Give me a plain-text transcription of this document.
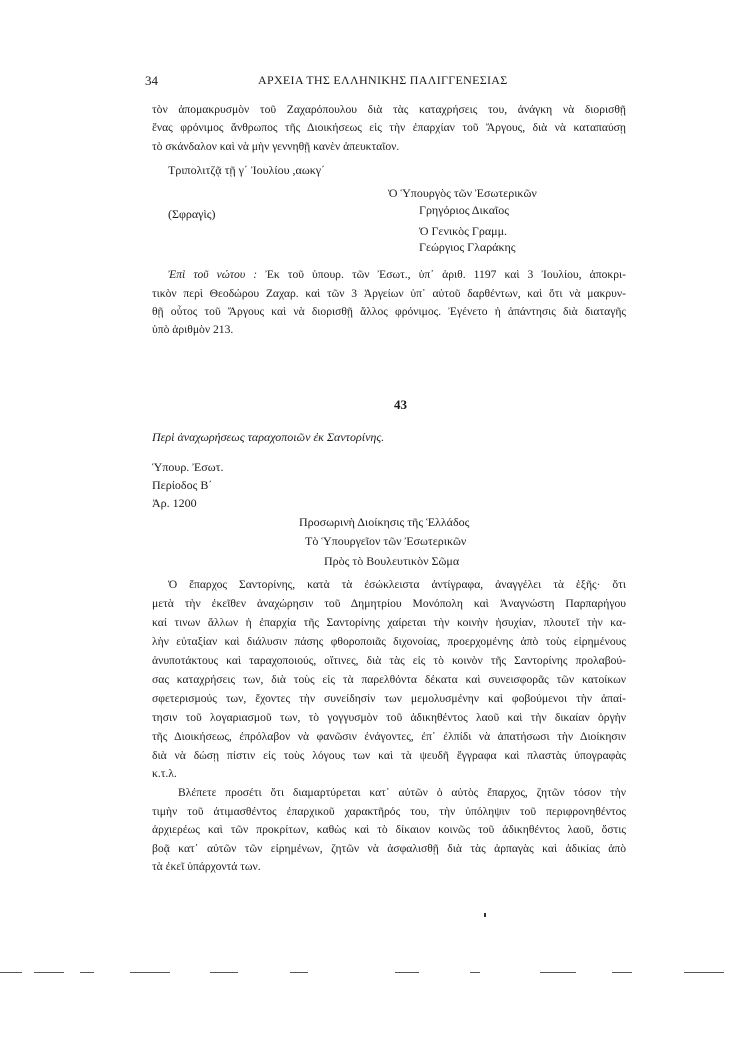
34	ΑΡΧΕΙΑ ΤΗΣ ΕΛΛΗΝΙΚΗΣ ΠΑΛΙΓΓΕΝΕΣΙΑΣ
τὸν ἀπομακρυσμὸν τοῦ Ζαχαρόπουλου διὰ τὰς καταχρήσεις του, ἀνάγκη νὰ διορισθῇ
ἕνας φρόνιμος ἄνθρωπος τῆς Διοικήσεως εἰς τὴν ἐπαρχίαν τοῦ Ἄργους, διὰ νὰ καταπαύσῃ
τὸ σκάνδαλον καὶ νὰ μὴν γεννηθῇ κανὲν ἀπευκταῖον.
Τριπολιτζᾷ τῇ γ΄ Ἰουλίου ,αωκγ΄
(Σφραγὶς)
Ὁ Ὑπουργὸς τῶν Ἐσωτερικῶν
Γρηγόριος Δικαῖος
Ὁ Γενικὸς Γραμμ.
Γεώργιος Γλαράκης
Ἐπὶ τοῦ νώτου : Ἐκ τοῦ ὑπουρ. τῶν Ἐσωτ., ὑπ᾽ ἀριθ. 1197 καὶ 3 Ἰουλίου, ἀποκρι-
τικὸν περὶ Θεοδώρου Ζαχαρ. καὶ τῶν 3 Ἀργείων ὑπ᾽ αὐτοῦ δαρθέντων, καὶ ὅτι νὰ μακρυν-
θῇ οὗτος τοῦ Ἄργους καὶ νὰ διορισθῇ ἄλλος φρόνιμος. Ἐγένετο ἡ ἀπάντησις διὰ διαταγῆς
ὑπὸ ἀριθμὸν 213.
43
Περὶ ἀναχωρήσεως ταραχοποιῶν ἐκ Σαντορίνης.
Ὑπουρ. Ἐσωτ.
Περίοδος Β΄
Ἀρ. 1200
Προσωρινὴ Διοίκησις τῆς Ἑλλάδος
Τὸ Ὑπουργεῖον τῶν Ἐσωτερικῶν
Πρὸς τὸ Βουλευτικὸν Σῶμα
Ὁ ἔπαρχος Σαντορίνης, κατὰ τὰ ἐσώκλειστα ἀντίγραφα, ἀναγγέλει τὰ ἑξῆς· ὅτι
μετὰ τὴν ἐκεῖθεν ἀναχώρησιν τοῦ Δημητρίου Μονόπολη καὶ Ἀναγνώστη Παρπαρήγου
καί τινων ἄλλων ἡ ἐπαρχία τῆς Σαντορίνης χαίρεται τὴν κοινὴν ἡσυχίαν, πλουτεῖ τὴν κα-
λὴν εὐταξίαν καὶ διάλυσιν πάσης φθοροποιᾶς διχονοίας, προερχομένης ἀπὸ τοὺς εἰρημένους
ἀνυποτάκτους καὶ ταραχοποιούς, οἵτινες, διὰ τὰς εἰς τὸ κοινὸν τῆς Σαντορίνης προλαβού-
σας καταχρήσεις των, διὰ τοὺς εἰς τὰ παρελθόντα δέκατα καὶ συνεισφορᾶς τῶν κατοίκων
σφετερισμούς των, ἔχοντες τὴν συνείδησίν των μεμολυσμένην καὶ φοβούμενοι τὴν ἀπαί-
τησιν τοῦ λογαριασμοῦ των, τὸ γογγυσμὸν τοῦ ἀδικηθέντος λαοῦ καὶ τὴν δικαίαν ὀργὴν
τῆς Διοικήσεως, ἐπρόλαβον νὰ φανῶσιν ἐνάγοντες, ἐπ᾽ ἐλπίδι νὰ ἀπατήσωσι τὴν Διοίκησιν
διὰ νὰ δώσῃ πίστιν εἰς τοὺς λόγους των καὶ τὰ ψευδῆ ἔγγραφα καὶ πλαστὰς ὑπογραφὰς
κ.τ.λ.
Βλέπετε προσέτι ὅτι διαμαρτύρεται κατ᾽ αὐτῶν ὁ αὐτὸς ἔπαρχος, ζητῶν τόσον τὴν
τιμὴν τοῦ ἀτιμασθέντος ἐπαρχικοῦ χαρακτῆρός του, τὴν ὑπόληψιν τοῦ περιφρονηθέντος
ἀρχιερέως καὶ τῶν προκρίτων, καθὼς καὶ τὸ δίκαιον κοινῶς τοῦ ἀδικηθέντος λαοῦ, ὅστις
βοᾷ κατ᾽ αὐτῶν τῶν εἰρημένων, ζητῶν νὰ ἀσφαλισθῇ διὰ τὰς ἁρπαγὰς καὶ ἀδικίας ἀπὸ
τὰ ἐκεῖ ὑπάρχοντά των.
